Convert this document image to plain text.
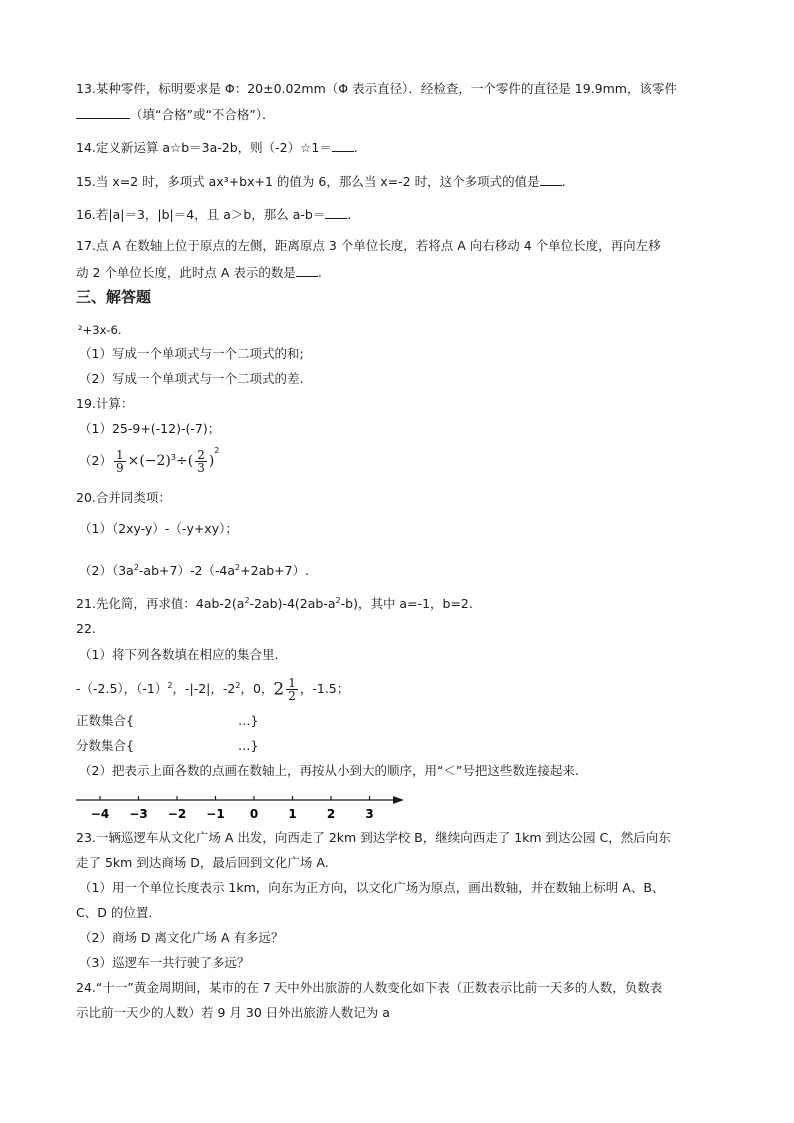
13.某种零件，标明要求是 Φ：20±0.02mm（Φ 表示直径）．经检查，一个零件的直径是 19.9mm，该零件
（填“合格”或“不合格”）．
14.定义新运算 a☆b＝3a-2b，则（-2）☆1＝ .
15.当 x=2 时，多项式 ax³+bx+1 的值为 6，那么当 x=-2 时，这个多项式的值是 .
16.若|a|＝3，|b|＝4，且 a＞b，那么 a-b＝ .
17.点 A 在数轴上位于原点的左侧，距离原点 3 个单位长度，若将点 A 向右移动 4 个单位长度，再向左移
动 2 个单位长度，此时点 A 表示的数是 .
三、解答题
²+3x-6.
（1）写成一个单项式与一个二项式的和;
（2）写成一个单项式与一个二项式的差.
19.计算：
（1）25-9+(-12)-(-7)；
$(2) \frac{1}{9} \times(-2)^3\div( \frac{2}{3} )^2$
20.合并同类项：
（1）（2xy-y）-（-y+xy）；
$(2)(3a^2-ab+7)-2(-4a^2+2ab+7)$.
21.先化简，再求值：$4ab-2(a^2-2ab)-4(2ab-a^2-b)$，其中 a=-1，b=2.
22.
（1）将下列各数填在相应的集合里.
-（-2.5），$(-1)^2$，-|-2|，$-2^2$，0，$2 \frac{1}{2}$ ，-1.5；
正数集合{	…}
分数集合{	…}
（2）把表示上面各数的点画在数轴上，再按从小到大的顺序，用“＜”号把这些数连接起来.
−4 −3 −2 −1 0	1	2	3
23.一辆巡逻车从文化广场 A 出发，向西走了 2km 到达学校 B，继续向西走了 1km 到达公园 C，然后向东
走了 5km 到达商场 D，最后回到文化广场 A.
（1）用一个单位长度表示 1km，向东为正方向，以文化广场为原点，画出数轴，并在数轴上标明 A、B、
C、D 的位置.
（2）商场 D 离文化广场 A 有多远？
（3）巡逻车一共行驶了多远？
24.“十一”黄金周期间，某市的在 7 天中外出旅游的人数变化如下表（正数表示比前一天多的人数，负数表
示比前一天少的人数）若 9 月 30 日外出旅游人数记为 a
